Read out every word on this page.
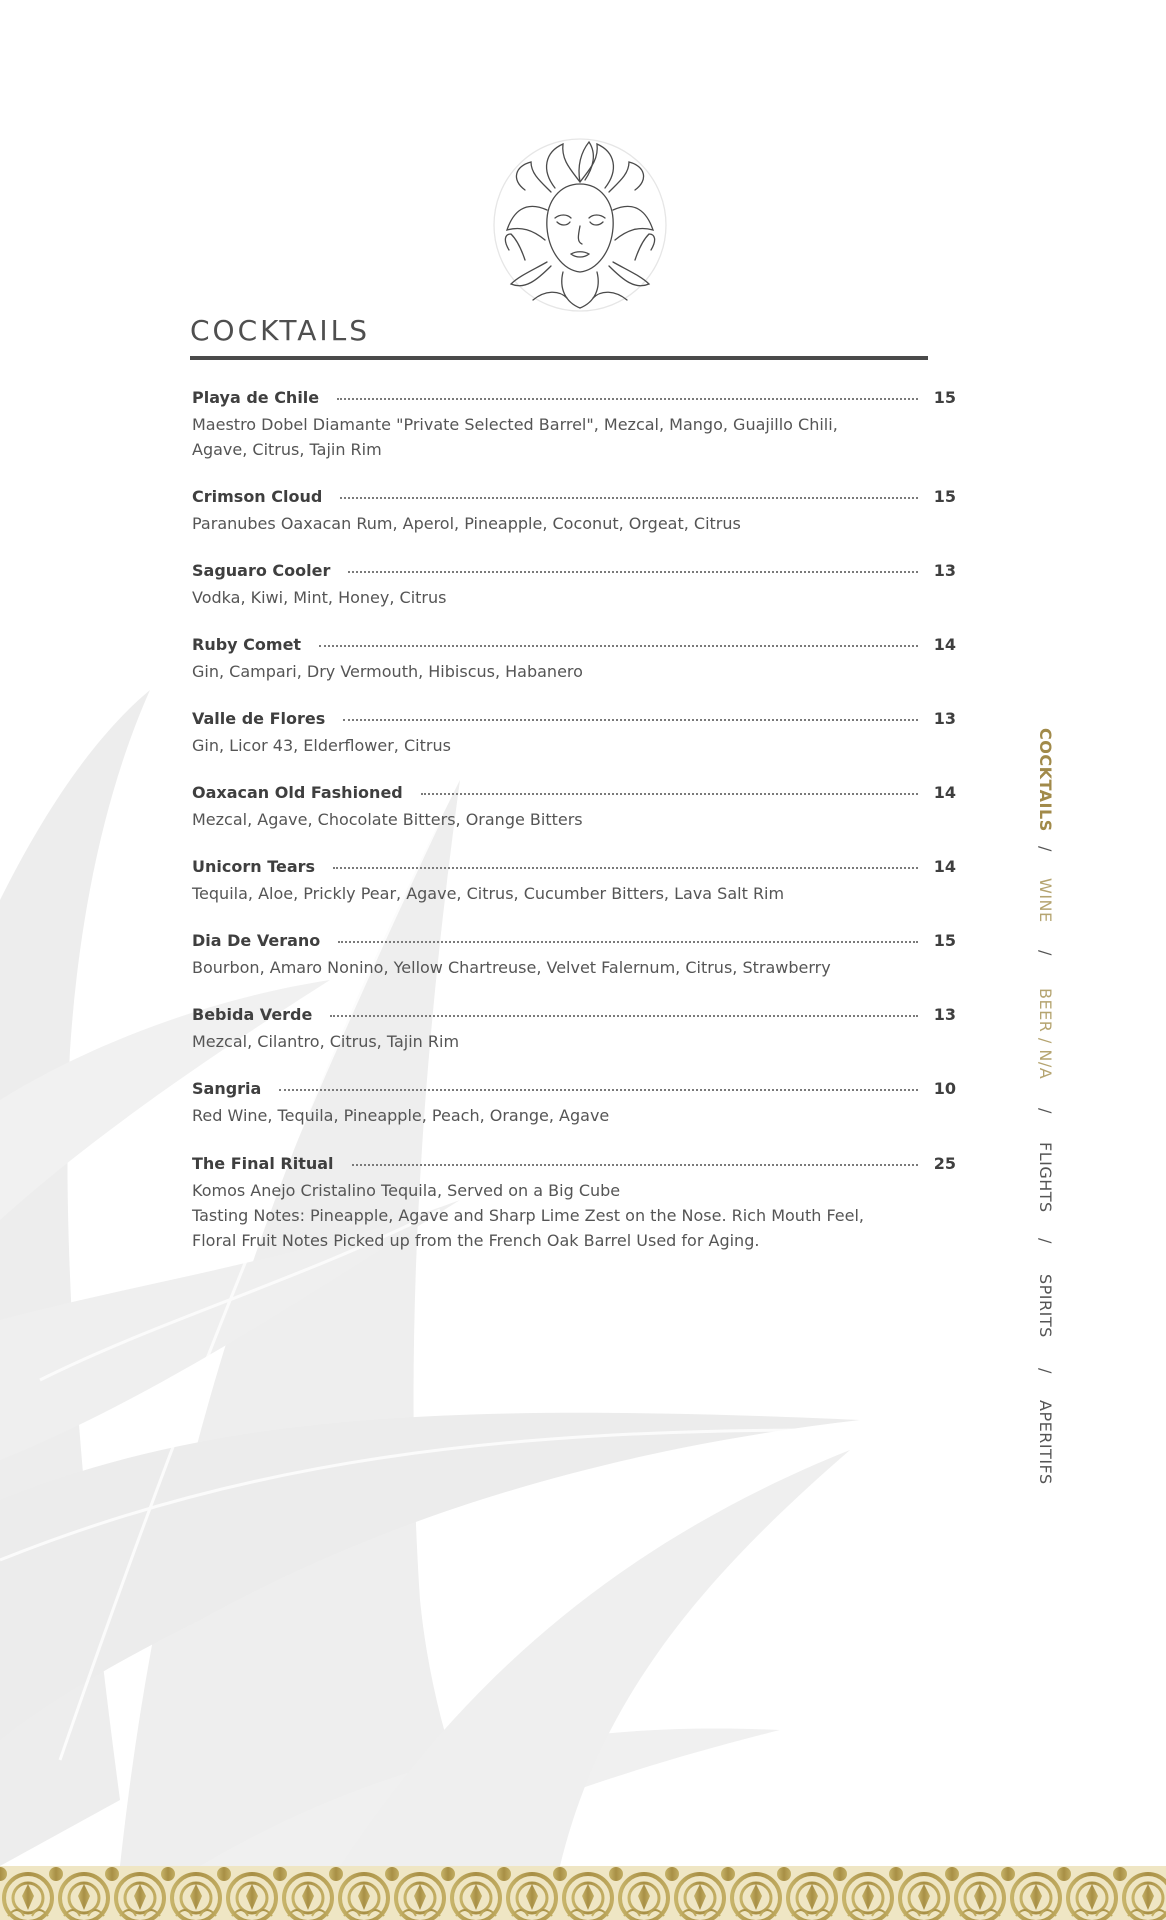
COCKTAILS
Playa de Chile	15
Maestro Dobel Diamante "Private Selected Barrel", Mezcal, Mango, Guajillo Chili,
Agave, Citrus, Tajin Rim
Crimson Cloud	15
Paranubes Oaxacan Rum, Aperol, Pineapple, Coconut, Orgeat, Citrus
Saguaro Cooler	13
Vodka, Kiwi, Mint, Honey, Citrus
Ruby Comet	14
Gin, Campari, Dry Vermouth, Hibiscus, Habanero
Valle de Flores	13
Gin, Licor 43, Elderflower, Citrus
Oaxacan Old Fashioned	14
Mezcal, Agave, Chocolate Bitters, Orange Bitters
Unicorn Tears	14
Tequila, Aloe, Prickly Pear, Agave, Citrus, Cucumber Bitters, Lava Salt Rim
Dia De Verano	15
Bourbon, Amaro Nonino, Yellow Chartreuse, Velvet Falernum, Citrus, Strawberry
Bebida Verde	13
Mezcal, Cilantro, Citrus, Tajin Rim
Sangria	10
Red Wine, Tequila, Pineapple, Peach, Orange, Agave
The Final Ritual	25
Komos Anejo Cristalino Tequila, Served on a Big Cube
Tasting Notes: Pineapple, Agave and Sharp Lime Zest on the Nose. Rich Mouth Feel,
Floral Fruit Notes Picked up from the French Oak Barrel Used for Aging.
COCKTAILS
/
WINE
/
BEER / N/A
/
FLIGHTS
/
SPIRITS
/
APERITIFS
